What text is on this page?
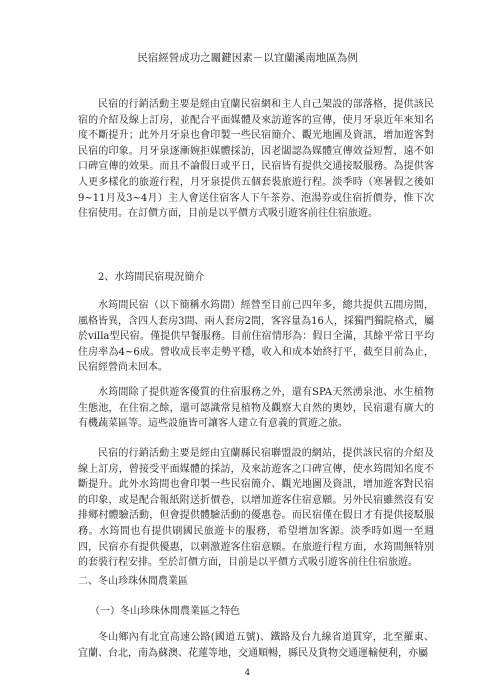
民宿經營成功之關鍵因素－以宜蘭溪南地區為例

民宿的行銷活動主要是經由宜蘭民宿網和主人自己架設的部落格，提供該民宿的介紹及線上訂房，並配合平面媒體及來訪遊客的宣傳，使月牙泉近年來知名度不斷提升；此外月牙泉也會印製一些民宿簡介、觀光地圖及資訊，增加遊客對民宿的印象。月牙泉逐漸婉拒媒體採訪，因老闆認為媒體宣傳效益短暫，遠不如口碑宣傳的效果。而且不論假日或平日，民宿皆有提供交通接駁服務。為提供客人更多樣化的旅遊行程，月牙泉提供五個套裝旅遊行程。淡季時（寒暑假之後如9~11月及3~4月）主人會送住宿客人下午茶券、泡湯券或住宿折價券，惟下次住宿使用。在訂價方面，目前是以平價方式吸引遊客前往住宿旅遊。

2、水筠間民宿現況簡介

水筠間民宿（以下簡稱水筠間）經營至目前已四年多，總共提供五間房間，風格皆異，含四人套房3間、兩人套房2間，客容量為16人，採獨門獨院格式，屬於villa型民宿。僅提供早餐服務。目前住宿情形為：假日全滿，其餘平常日平均住房率為4~6成。營收成長率走勢平穩，收入和成本始終打平，截至目前為止，民宿經營尚未回本。

水筠間除了提供遊客優質的住宿服務之外，還有SPA天然湧泉池、水生植物生態池，在住宿之餘，還可認識常見植物及觀察大自然的奧妙，民宿還有廣大的有機蔬菜區等。這些設施皆可讓客人建立有意義的賞遊之旅。

民宿的行銷活動主要是經由宜蘭縣民宿聯盟設的網站，提供該民宿的介紹及線上訂房，曾接受平面媒體的採訪，及來訪遊客之口碑宣傳，使水筠間知名度不斷提升。此外水筠間也會印製一些民宿簡介、觀光地圖及資訊，增加遊客對民宿的印象，或是配合報紙附送折價卷，以增加遊客住宿意願。另外民宿雖然沒有安排鄉村體驗活動，但會提供體驗活動的優惠卷。而民宿僅在假日才有提供接駁服務。水筠間也有提供刷國民旅遊卡的服務，希望增加客源。淡季時如週一至週四，民宿亦有提供優惠，以刺激遊客住宿意願。在旅遊行程方面，水筠間無特別的套裝行程安排。至於訂價方面，目前是以平價方式吸引遊客前往住宿旅遊。

二、冬山珍珠休閒農業區
（一）冬山珍珠休閒農業區之特色

冬山鄉內有北宜高速公路(國道五號)、鐵路及台九線省道貫穿，北至羅東、宜蘭、台北，南為蘇澳、花蓮等地，交通順暢，縣民及貨物交通運輸便利，亦屬

4
